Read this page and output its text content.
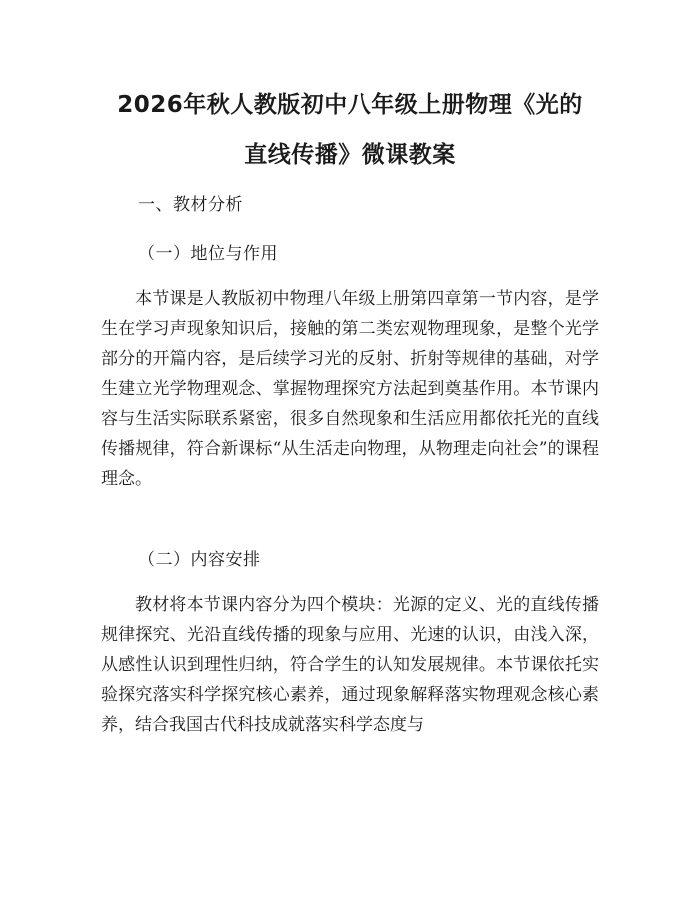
2026年秋人教版初中八年级上册物理《光的
直线传播》微课教案
一、教材分析
（一）地位与作用

本节课是人教版初中物理八年级上册第四章第一节内容，是学生在学习声现象知识后，接触的第二类宏观物理现象，是整个光学部分的开篇内容，是后续学习光的反射、折射等规律的基础，对学生建立光学物理观念、掌握物理探究方法起到奠基作用。本节课内容与生活实际联系紧密，很多自然现象和生活应用都依托光的直线传播规律，符合新课标“从生活走向物理，从物理走向社会”的课程理念。

（二）内容安排

教材将本节课内容分为四个模块：光源的定义、光的直线传播规律探究、光沿直线传播的现象与应用、光速的认识，由浅入深，从感性认识到理性归纳，符合学生的认知发展规律。本节课依托实验探究落实科学探究核心素养，通过现象解释落实物理观念核心素养，结合我国古代科技成就落实科学态度与
